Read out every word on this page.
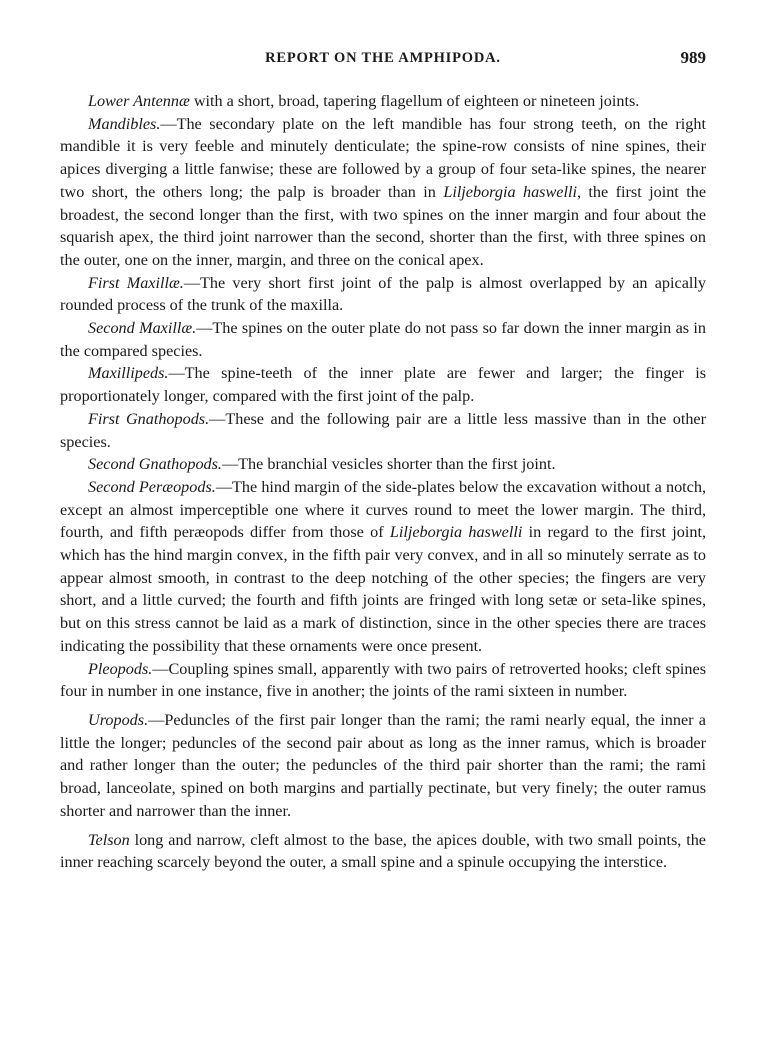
REPORT ON THE AMPHIPODA.	989

Lower Antennæ with a short, broad, tapering flagellum of eighteen or nineteen joints.

Mandibles.—The secondary plate on the left mandible has four strong teeth, on the right mandible it is very feeble and minutely denticulate; the spine-row consists of nine spines, their apices diverging a little fanwise; these are followed by a group of four seta-like spines, the nearer two short, the others long; the palp is broader than in Liljeborgia haswelli, the first joint the broadest, the second longer than the first, with two spines on the inner margin and four about the squarish apex, the third joint narrower than the second, shorter than the first, with three spines on the outer, one on the inner, margin, and three on the conical apex.

First Maxillæ.—The very short first joint of the palp is almost overlapped by an apically rounded process of the trunk of the maxilla.

Second Maxillæ.—The spines on the outer plate do not pass so far down the inner margin as in the compared species.

Maxillipeds.—The spine-teeth of the inner plate are fewer and larger; the finger is proportionately longer, compared with the first joint of the palp.

First Gnathopods.—These and the following pair are a little less massive than in the other species.

Second Gnathopods.—The branchial vesicles shorter than the first joint.

Second Peræopods.—The hind margin of the side-plates below the excavation without a notch, except an almost imperceptible one where it curves round to meet the lower margin. The third, fourth, and fifth peræopods differ from those of Liljeborgia haswelli in regard to the first joint, which has the hind margin convex, in the fifth pair very convex, and in all so minutely serrate as to appear almost smooth, in contrast to the deep notching of the other species; the fingers are very short, and a little curved; the fourth and fifth joints are fringed with long setæ or seta-like spines, but on this stress cannot be laid as a mark of distinction, since in the other species there are traces indicating the possibility that these ornaments were once present.

Pleopods.—Coupling spines small, apparently with two pairs of retroverted hooks; cleft spines four in number in one instance, five in another; the joints of the rami sixteen in number.

Uropods.—Peduncles of the first pair longer than the rami; the rami nearly equal, the inner a little the longer; peduncles of the second pair about as long as the inner ramus, which is broader and rather longer than the outer; the peduncles of the third pair shorter than the rami; the rami broad, lanceolate, spined on both margins and partially pectinate, but very finely; the outer ramus shorter and narrower than the inner.

Telson long and narrow, cleft almost to the base, the apices double, with two small points, the inner reaching scarcely beyond the outer, a small spine and a spinule occupying the interstice.
